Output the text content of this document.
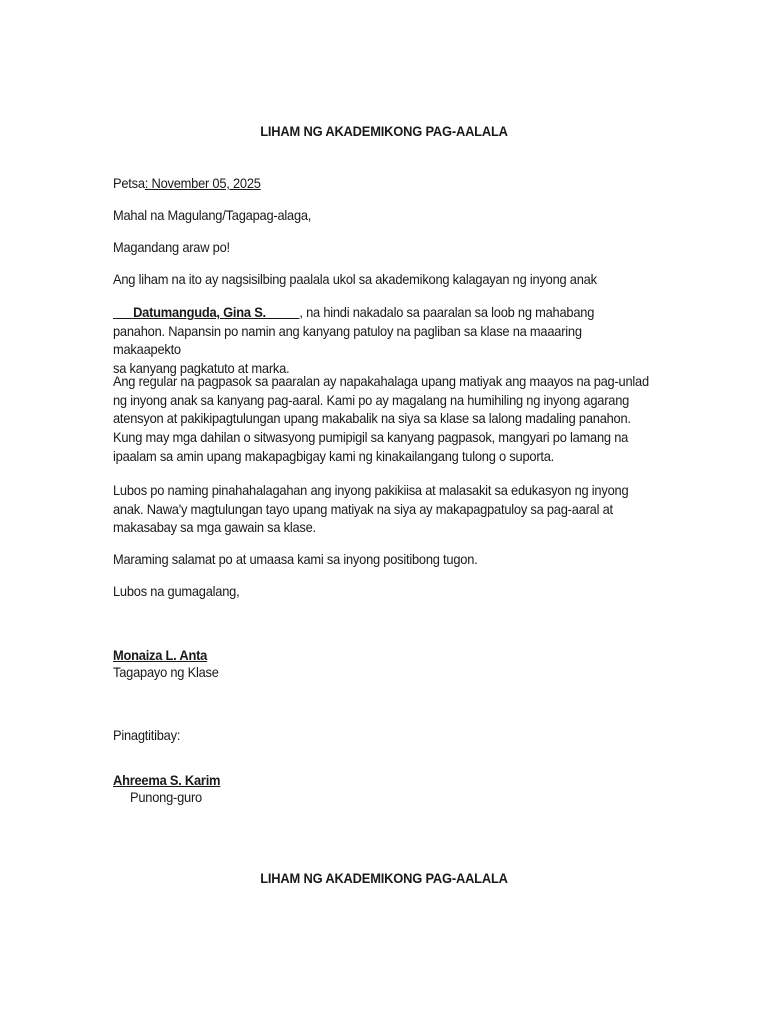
LIHAM NG AKADEMIKONG PAG-AALALA
Petsa: November 05, 2025
Mahal na Magulang/Tagapag-alaga,
Magandang araw po!
Ang liham na ito ay nagsisilbing paalala ukol sa akademikong kalagayan ng inyong anak
Datumanguda, Gina S. , na hindi nakadalo sa paaralan sa loob ng mahabang
panahon. Napansin po namin ang kanyang patuloy na pagliban sa klase na maaaring makaapekto
sa kanyang pagkatuto at marka.
Ang regular na pagpasok sa paaralan ay napakahalaga upang matiyak ang maayos na pag-unlad
ng inyong anak sa kanyang pag-aaral. Kami po ay magalang na humihiling ng inyong agarang
atensyon at pakikipagtulungan upang makabalik na siya sa klase sa lalong madaling panahon.
Kung may mga dahilan o sitwasyong pumipigil sa kanyang pagpasok, mangyari po lamang na
ipaalam sa amin upang makapagbigay kami ng kinakailangang tulong o suporta.
Lubos po naming pinahahalagahan ang inyong pakikiisa at malasakit sa edukasyon ng inyong
anak. Nawa'y magtulungan tayo upang matiyak na siya ay makapagpatuloy sa pag-aaral at
makasabay sa mga gawain sa klase.
Maraming salamat po at umaasa kami sa inyong positibong tugon.
Lubos na gumagalang,
Monaiza L. Anta
Tagapayo ng Klase
Pinagtitibay:
Ahreema S. Karim
Punong-guro
LIHAM NG AKADEMIKONG PAG-AALALA
